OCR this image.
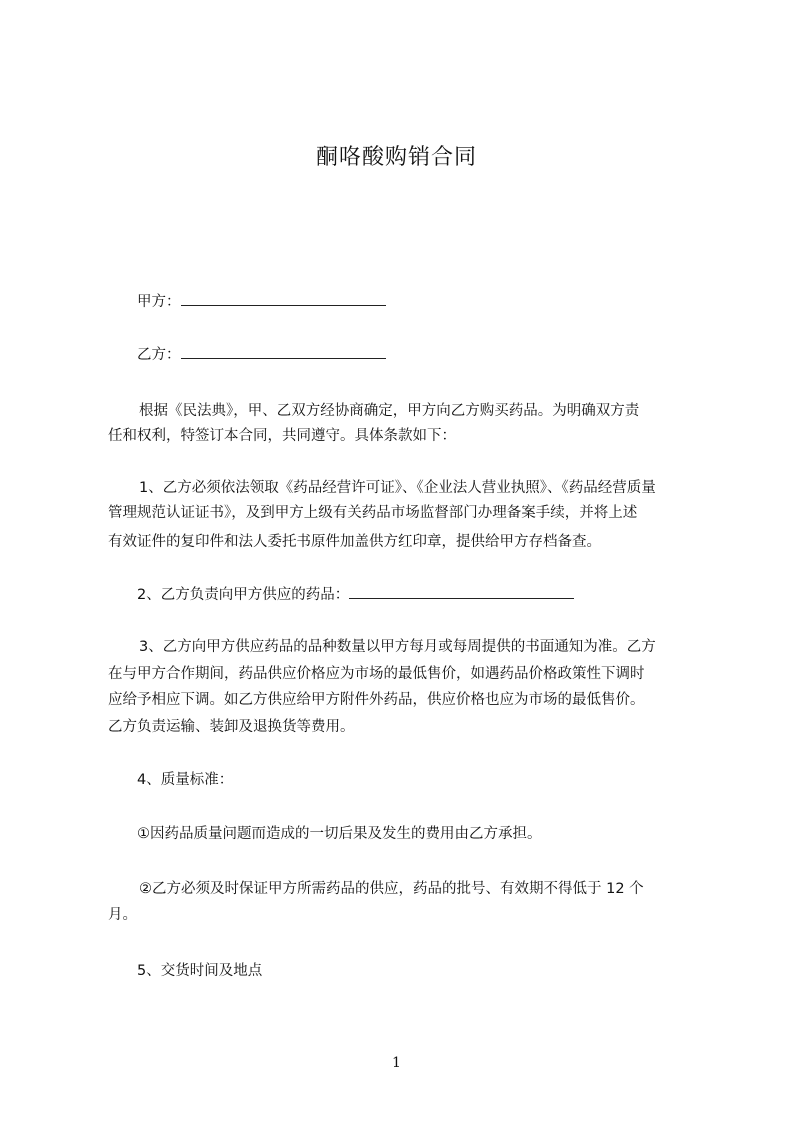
酮咯酸购销合同
甲方：
乙方：
根据《民法典》，甲、乙双方经协商确定，甲方向乙方购买药品。为明确双方责
任和权利，特签订本合同，共同遵守。具体条款如下：
1、乙方必须依法领取《药品经营许可证》、《企业法人营业执照》、《药品经营质量
管理规范认证证书》，及到甲方上级有关药品市场监督部门办理备案手续，并将上述
有效证件的复印件和法人委托书原件加盖供方红印章，提供给甲方存档备查。
2、乙方负责向甲方供应的药品：
3、乙方向甲方供应药品的品种数量以甲方每月或每周提供的书面通知为准。乙方
在与甲方合作期间，药品供应价格应为市场的最低售价，如遇药品价格政策性下调时
应给予相应下调。如乙方供应给甲方附件外药品，供应价格也应为市场的最低售价。
乙方负责运输、装卸及退换货等费用。
4、质量标准：
①因药品质量问题而造成的一切后果及发生的费用由乙方承担。
②乙方必须及时保证甲方所需药品的供应，药品的批号、有效期不得低于 12 个
月。
5、交货时间及地点
1
